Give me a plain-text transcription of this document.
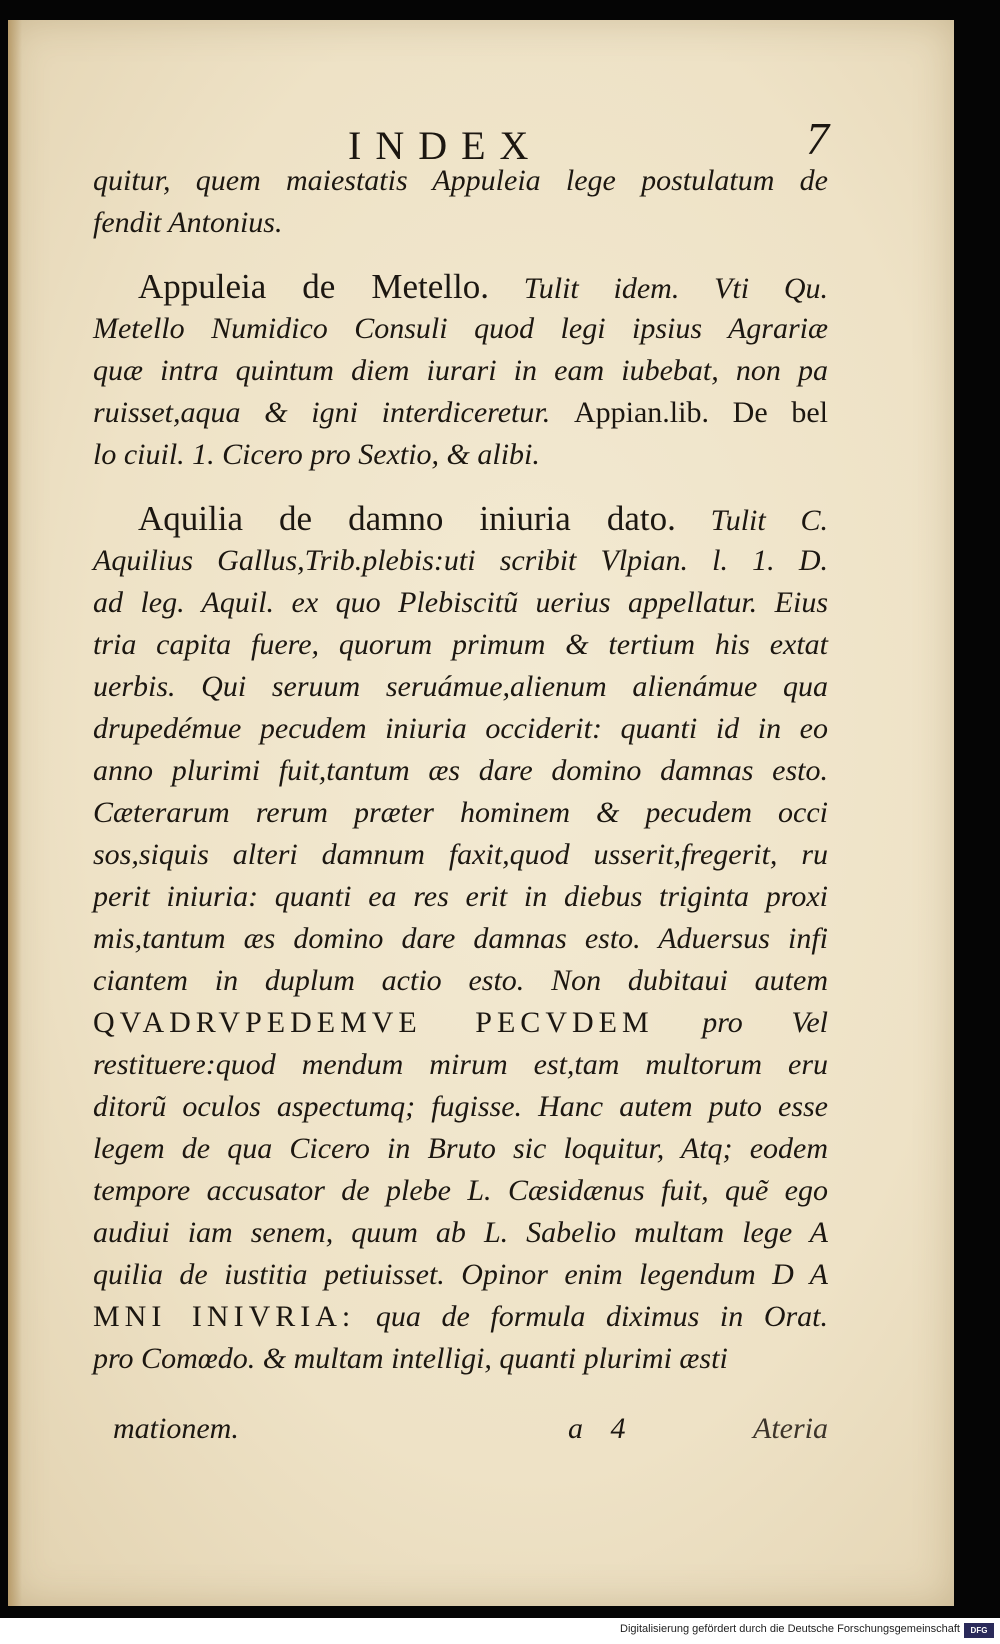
INDEX	7
quitur, quem maiestatis Appuleia lege postulatum de
fendit Antonius.
Appuleia de Metello. Tulit idem. Vti Qu.
Metello Numidico Consuli quod legi ipsius Agrariæ
quæ intra quintum diem iurari in eam iubebat, non pa
ruisset,aqua & igni interdiceretur. Appian.lib. De bel
lo ciuil. 1. Cicero pro Sextio, & alibi.
Aquilia de damno iniuria dato. Tulit C.
Aquilius Gallus,Trib.plebis:uti scribit Vlpian. l. 1. D.
ad leg. Aquil. ex quo Plebiscitũ uerius appellatur. Eius
tria capita fuere, quorum primum & tertium his extat
uerbis. Qui seruum seruámue,alienum alienámue qua
drupedémue pecudem iniuria occiderit: quanti id in eo
anno plurimi fuit,tantum æs dare domino damnas esto.
Cæterarum rerum præter hominem & pecudem occi
sos,siquis alteri damnum faxit,quod usserit,fregerit, ru
perit iniuria: quanti ea res erit in diebus triginta proxi
mis,tantum æs domino dare damnas esto. Aduersus infi
ciantem in duplum actio esto. Non dubitaui autem
QVADRVPEDEMVE PECVDEM pro Vel
restituere:quod mendum mirum est,tam multorum eru
ditorũ oculos aspectumq; fugisse. Hanc autem puto esse
legem de qua Cicero in Bruto sic loquitur, Atq; eodem
tempore accusator de plebe L. Cæsidænus fuit, quẽ ego
audiui iam senem, quum ab L. Sabelio multam lege A
quilia de iustitia petiuisset. Opinor enim legendum D A
MNI INIVRIA: qua de formula diximus in Orat.
pro Comœdo. & multam intelligi, quanti plurimi æsti
mationem.	a 4	Ateria
Digitalisierung gefördert durch die Deutsche Forschungsgemeinschaft	DFG
